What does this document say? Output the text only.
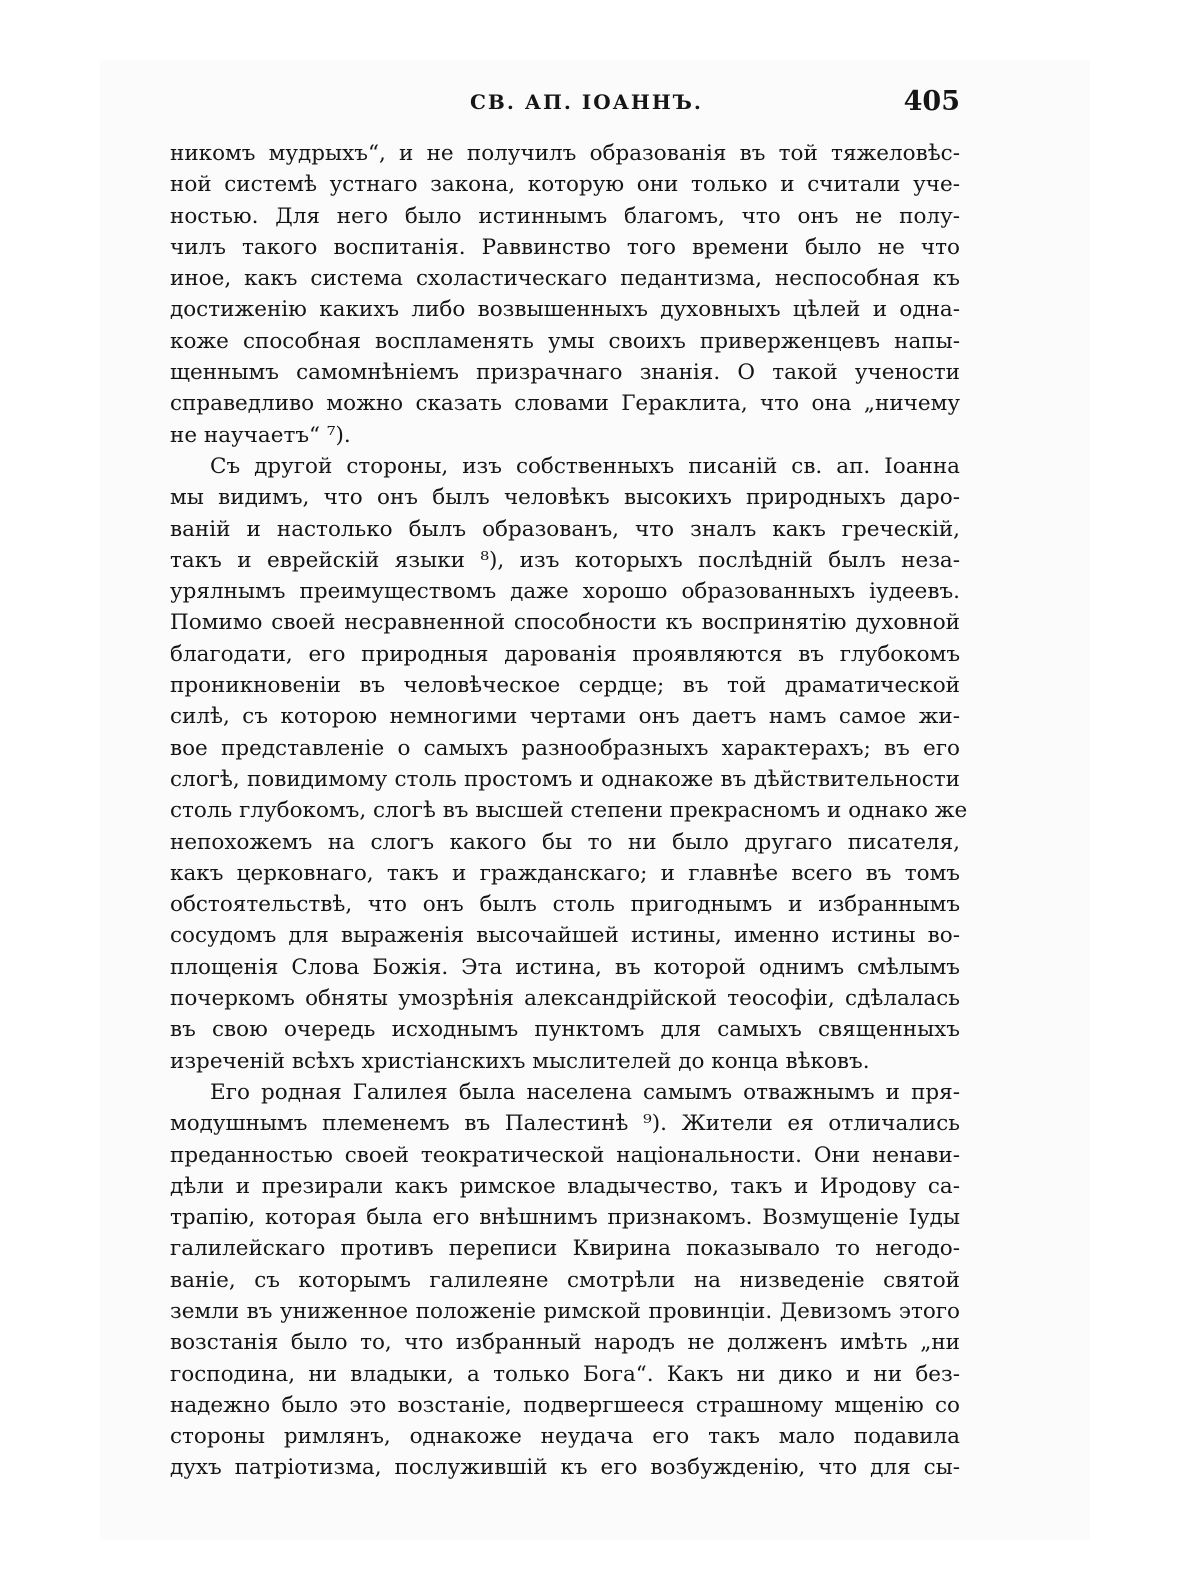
СВ. АП. ІОАННЪ.	405
никомъ мудрыхъ“, и не получилъ образованія въ той тяжеловѣс-
ной системѣ устнаго закона, которую они только и считали уче-
ностью. Для него было истиннымъ благомъ, что онъ не полу-
чилъ такого воспитанія. Раввинство того времени было не что
иное, какъ система схоластическаго педантизма, неспособная къ
достиженію какихъ либо возвышенныхъ духовныхъ цѣлей и одна-
коже способная воспламенять умы своихъ приверженцевъ напы-
щеннымъ самомнѣніемъ призрачнаго знанія. О такой учености
справедливо можно сказать словами Гераклита, что она „ничему
не научаетъ“ ⁷).
Съ другой стороны, изъ собственныхъ писаній св. ап. Іоанна
мы видимъ, что онъ былъ человѣкъ высокихъ природныхъ даро-
ваній и настолько былъ образованъ, что зналъ какъ греческій,
такъ и еврейскій языки ⁸), изъ которыхъ послѣдній былъ неза-
урялнымъ преимуществомъ даже хорошо образованныхъ іудеевъ.
Помимо своей несравненной способности къ воспринятію духовной
благодати, его природныя дарованія проявляются въ глубокомъ
проникновеніи въ человѣческое сердце; въ той драматической
силѣ, съ которою немногими чертами онъ даетъ намъ самое жи-
вое представленіе о самыхъ разнообразныхъ характерахъ; въ его
слогѣ, повидимому столь простомъ и однакоже въ дѣйствительности
столь глубокомъ, слогѣ въ высшей степени прекрасномъ и однако же
непохожемъ на слогъ какого бы то ни было другаго писателя,
какъ церковнаго, такъ и гражданскаго; и главнѣе всего въ томъ
обстоятельствѣ, что онъ былъ столь пригоднымъ и избраннымъ
сосудомъ для выраженія высочайшей истины, именно истины во-
площенія Слова Божія. Эта истина, въ которой однимъ смѣлымъ
почеркомъ обняты умозрѣнія александрійской теософіи, сдѣлалась
въ свою очередь исходнымъ пунктомъ для самыхъ священныхъ
изреченій всѣхъ христіанскихъ мыслителей до конца вѣковъ.
Его родная Галилея была населена самымъ отважнымъ и пря-
модушнымъ племенемъ въ Палестинѣ ⁹). Жители ея отличались
преданностью своей теократической національности. Они ненави-
дѣли и презирали какъ римское владычество, такъ и Иродову са-
трапію, которая была его внѣшнимъ признакомъ. Возмущеніе Іуды
галилейскаго противъ переписи Квирина показывало то негодо-
ваніе, съ которымъ галилеяне смотрѣли на низведеніе святой
земли въ униженное положеніе римской провинціи. Девизомъ этого
возстанія было то, что избранный народъ не долженъ имѣть „ни
господина, ни владыки, а только Бога“. Какъ ни дико и ни без-
надежно было это возстаніе, подвергшееся страшному мщенію со
стороны римлянъ, однакоже неудача его такъ мало подавила
духъ патріотизма, послужившій къ его возбужденію, что для сы-
